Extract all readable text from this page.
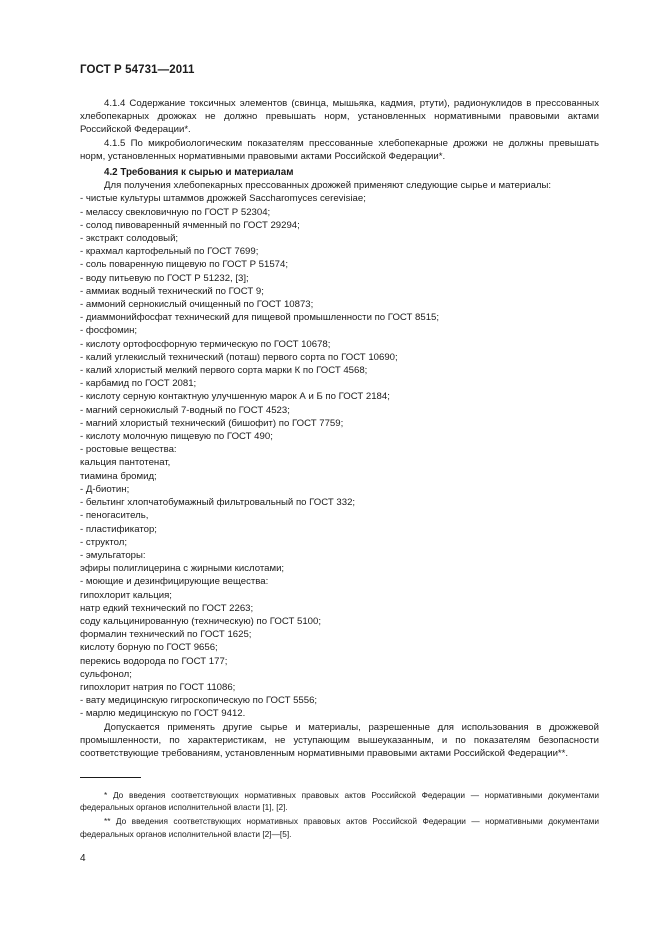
ГОСТ Р 54731—2011

4.1.4 Содержание токсичных элементов (свинца, мышьяка, кадмия, ртути), радионуклидов в прессованных хлебопекарных дрожжах не должно превышать норм, установленных нормативными правовыми актами Российской Федерации*.

4.1.5 По микробиологическим показателям прессованные хлебопекарные дрожжи не должны превышать норм, установленных нормативными правовыми актами Российской Федерации*.

4.2 Требования к сырью и материалам

Для получения хлебопекарных прессованных дрожжей применяют следующие сырье и материалы:

- чистые культуры штаммов дрожжей Saccharomyces cerevisiae;
- мелассу свекловичную по ГОСТ Р 52304;
- солод пивоваренный ячменный по ГОСТ 29294;
- экстракт солодовый;
- крахмал картофельный по ГОСТ 7699;
- соль поваренную пищевую по ГОСТ Р 51574;
- воду питьевую по ГОСТ Р 51232, [3];
- аммиак водный технический по ГОСТ 9;
- аммоний сернокислый очищенный по ГОСТ 10873;
- диаммонийфосфат технический для пищевой промышленности по ГОСТ 8515;
- фосфомин;
- кислоту ортофосфорную термическую по ГОСТ 10678;
- калий углекислый технический (поташ) первого сорта по ГОСТ 10690;
- калий хлористый мелкий первого сорта марки К по ГОСТ 4568;
- карбамид по ГОСТ 2081;
- кислоту серную контактную улучшенную марок А и Б по ГОСТ 2184;
- магний сернокислый 7-водный по ГОСТ 4523;
- магний хлористый технический (бишофит) по ГОСТ 7759;
- кислоту молочную пищевую по ГОСТ 490;
- ростовые вещества:
кальция пантотенат,
тиамина бромид;
- Д-биотин;
- бельтинг хлопчатобумажный фильтровальный по ГОСТ 332;
- пеногаситель,
- пластификатор;
- структол;
- эмульгаторы:
эфиры полиглицерина с жирными кислотами;
- моющие и дезинфицирующие вещества:
гипохлорит кальция;
натр едкий технический по ГОСТ 2263;
соду кальцинированную (техническую) по ГОСТ 5100;
формалин технический по ГОСТ 1625;
кислоту борную по ГОСТ 9656;
перекись водорода по ГОСТ 177;
сульфонол;
гипохлорит натрия по ГОСТ 11086;
- вату медицинскую гигроскопическую по ГОСТ 5556;
- марлю медицинскую по ГОСТ 9412.

Допускается применять другие сырье и материалы, разрешенные для использования в дрожжевой промышленности, по характеристикам, не уступающим вышеуказанным, и по показателям безопасности соответствующие требованиям, установленным нормативными правовыми актами Российской Федерации**.

* До введения соответствующих нормативных правовых актов Российской Федерации — нормативными документами федеральных органов исполнительной власти [1], [2].

** До введения соответствующих нормативных правовых актов Российской Федерации — нормативными документами федеральных органов исполнительной власти [2]—[5].

4
